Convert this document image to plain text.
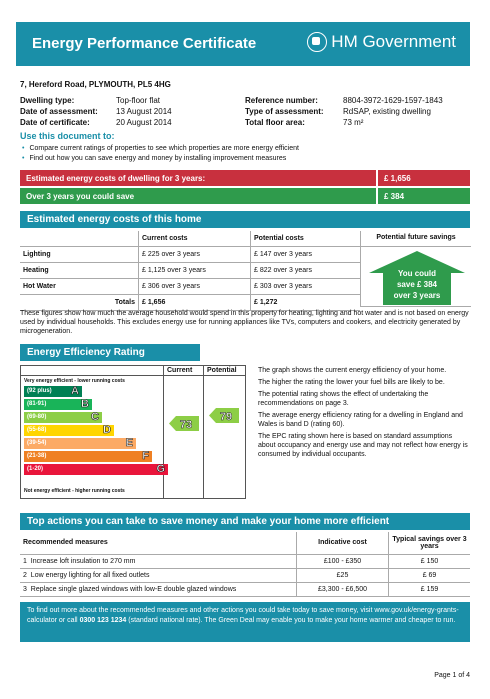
Energy Performance Certificate	HM Government
7, Hereford Road, PLYMOUTH, PL5 4HG
Dwelling type:	Top-floor flat
Date of assessment: 13 August 2014
Date of certificate:	20 August 2014
Reference number:	8804-3972-1629-1597-1843
Type of assessment: RdSAP, existing dwelling
Total floor area:	73 m²
Use this document to:
• Compare current ratings of properties to see which properties are more energy efficient
• Find out how you can save energy and money by installing improvement measures
Estimated energy costs of dwelling for 3 years:	£ 1,656
Over 3 years you could save	£ 384
Estimated energy costs of this home
	Current costs	Potential costs
Lighting	£ 225 over 3 years	£ 147 over 3 years
Heating	£ 1,125 over 3 years	£ 822 over 3 years
Hot Water	£ 306 over 3 years	£ 303 over 3 years
Totals	£ 1,656	£ 1,272
Potential future savings
You could
save £ 384
over 3 years
These figures show how much the average household would spend in this property for heating, lighting and hot water and is not based on energy used by individual households. This excludes energy use for running appliances like TVs, computers and cookers, and electricity generated by microgeneration.
Energy Efficiency Rating
Current Potential
Very energy efficient - lower running costs
(92 plus) A
(81-91)	B
(69-80)	C
(55-68)	D
(39-54)	E
(21-38)	F
(1-20)	G
Not energy efficient - higher running costs
73
79
The graph shows the current energy efficiency of your home.
The higher the rating the lower your fuel bills are likely to be.
The potential rating shows the effect of undertaking the recommendations on page 3.
The average energy efficiency rating for a dwelling in England and Wales is band D (rating 60).
The EPC rating shown here is based on standard assumptions about occupancy and energy use and may not reflect how energy is consumed by individual occupants.
Top actions you can take to save money and make your home more efficient
Recommended measures	Indicative cost	Typical savings over 3 years
1 Increase loft insulation to 270 mm	£100 - £350	£ 150
2 Low energy lighting for all fixed outlets	£25	£ 69
3 Replace single glazed windows with low-E double glazed windows	£3,300 - £6,500	£ 159
To find out more about the recommended measures and other actions you could take today to save money, visit www.gov.uk/energy-grants-calculator or call 0300 123 1234 (standard national rate). The Green Deal may enable you to make your home warmer and cheaper to run.
Page 1 of 4
